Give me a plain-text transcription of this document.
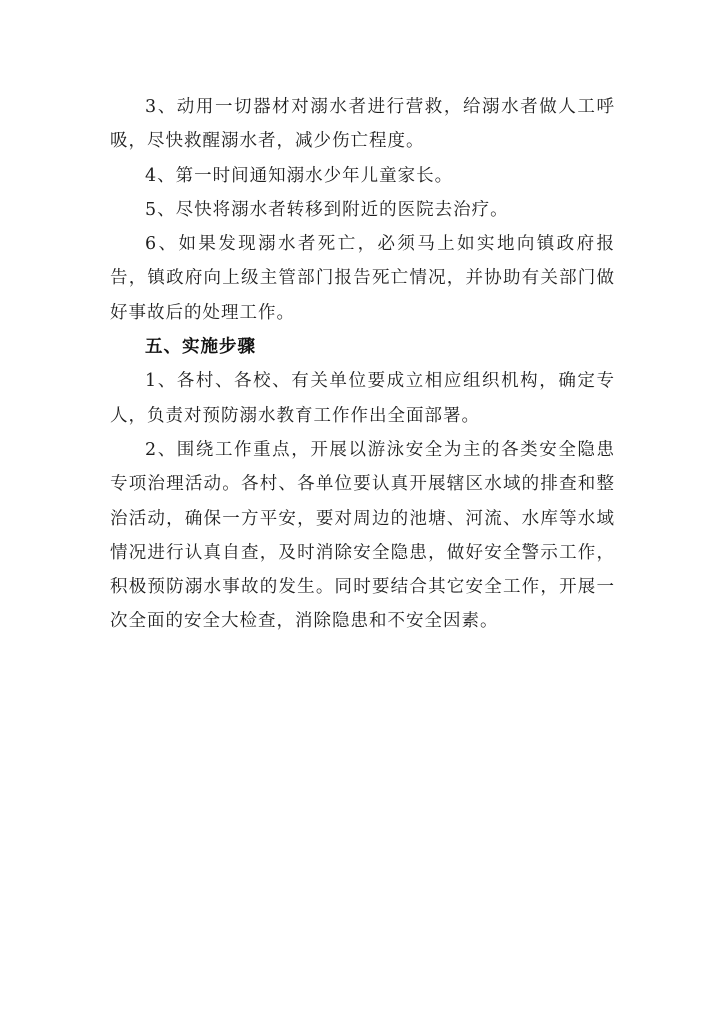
3、动用一切器材对溺水者进行营救，给溺水者做人工呼吸，尽快救醒溺水者，减少伤亡程度。

4、第一时间通知溺水少年儿童家长。

5、尽快将溺水者转移到附近的医院去治疗。

6、如果发现溺水者死亡，必须马上如实地向镇政府报告，镇政府向上级主管部门报告死亡情况，并协助有关部门做好事故后的处理工作。

五、实施步骤

1、各村、各校、有关单位要成立相应组织机构，确定专人，负责对预防溺水教育工作作出全面部署。

2、围绕工作重点，开展以游泳安全为主的各类安全隐患专项治理活动。各村、各单位要认真开展辖区水域的排查和整治活动，确保一方平安，要对周边的池塘、河流、水库等水域情况进行认真自查，及时消除安全隐患，做好安全警示工作，积极预防溺水事故的发生。同时要结合其它安全工作，开展一次全面的安全大检查，消除隐患和不安全因素。
